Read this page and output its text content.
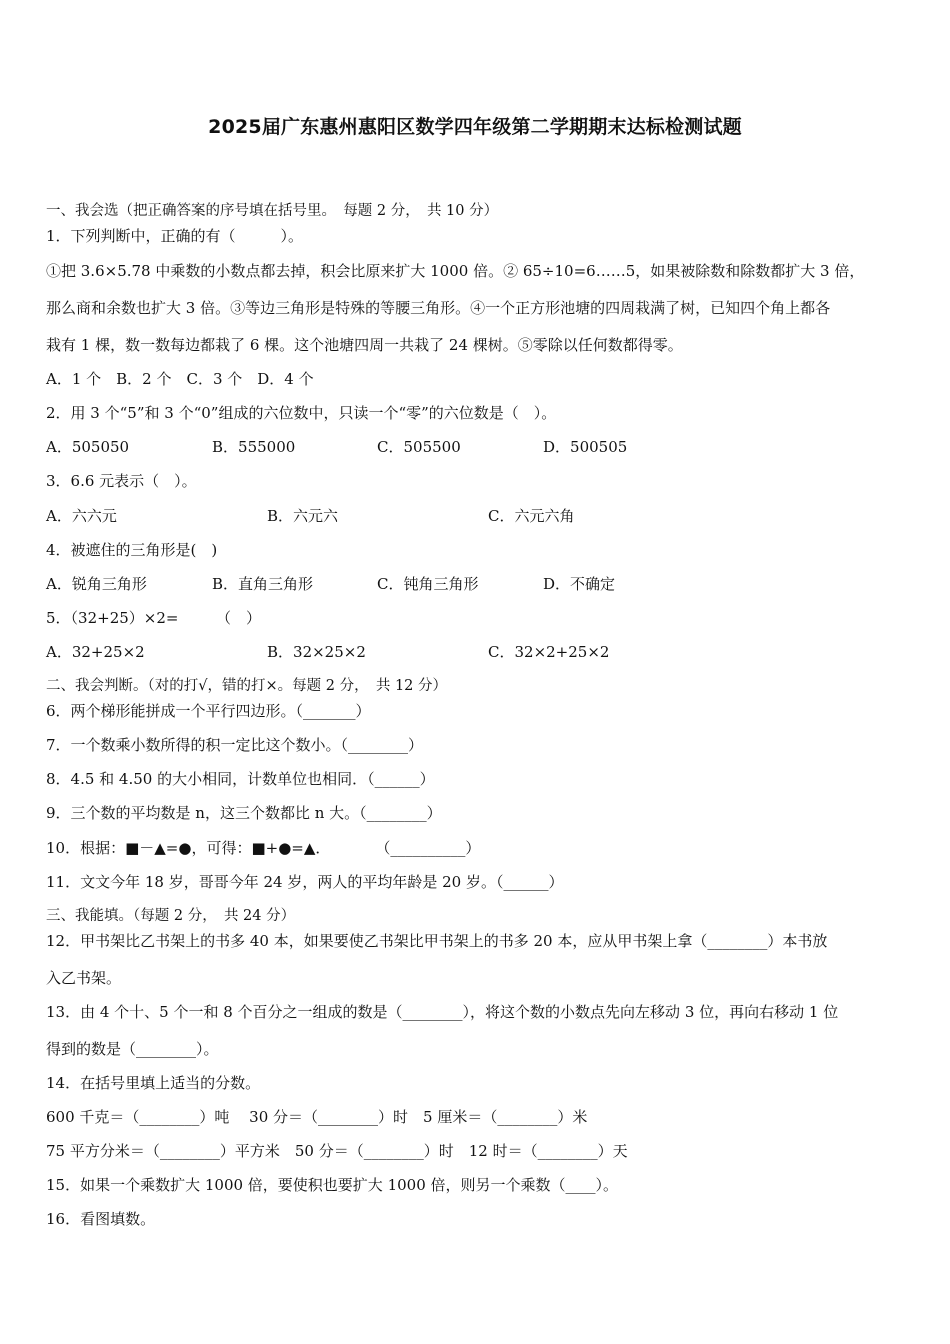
2025届广东惠州惠阳区数学四年级第二学期期末达标检测试题
一、我会选（把正确答案的序号填在括号里。　每题 2 分，　共 10 分）
1．下列判断中，正确的有（　　　）。
①把 3.6×5.78 中乘数的小数点都去掉，积会比原来扩大 1000 倍。② 65÷10=6……5，如果被除数和除数都扩大 3 倍，
那么商和余数也扩大 3 倍。③等边三角形是特殊的等腰三角形。④一个正方形池塘的四周栽满了树，已知四个角上都各
栽有 1 棵，数一数每边都栽了 6 棵。这个池塘四周一共栽了 24 棵树。⑤零除以任何数都得零。
A．1 个　B．2 个　C．3 个　D．4 个
2．用 3 个“5”和 3 个“0”组成的六位数中，只读一个“零”的六位数是（　）。
A．505050	B．555000	C．505500	D．500505
3．6.6 元表示（　）。
A．六六元	B．六元六	C．六元六角
4．被遮住的三角形是(　)
A．锐角三角形	B．直角三角形	C．钝角三角形	D．不确定
5．（32+25）×2=　　　（　）
A．32+25×2	B．32×25×2	C．32×2+25×2
二、我会判断。（对的打√，错的打×。每题 2 分，　共 12 分）
6．两个梯形能拼成一个平行四边形。（_______）
7．一个数乘小数所得的积一定比这个数小。（________）
8．4.5 和 4.50 的大小相同，计数单位也相同．（______）
9．三个数的平均数是 n，这三个数都比 n 大。（________）
10．根据：■－▲=●，可得：■+●=▲．　　　　（__________）
11．文文今年 18 岁，哥哥今年 24 岁，两人的平均年龄是 20 岁。（______）
三、我能填。（每题 2 分，　共 24 分）
12．甲书架比乙书架上的书多 40 本，如果要使乙书架比甲书架上的书多 20 本，应从甲书架上拿（________）本书放
入乙书架。
13．由 4 个十、5 个一和 8 个百分之一组成的数是（________），将这个数的小数点先向左移动 3 位，再向右移动 1 位
得到的数是（________）。
14．在括号里填上适当的分数。
600 千克＝（________）吨　 30 分＝（________）时　5 厘米＝（________）米
75 平方分米＝（________）平方米　50 分＝（________）时　12 时＝（________）天
15．如果一个乘数扩大 1000 倍，要使积也要扩大 1000 倍，则另一个乘数（____）。
16．看图填数。
